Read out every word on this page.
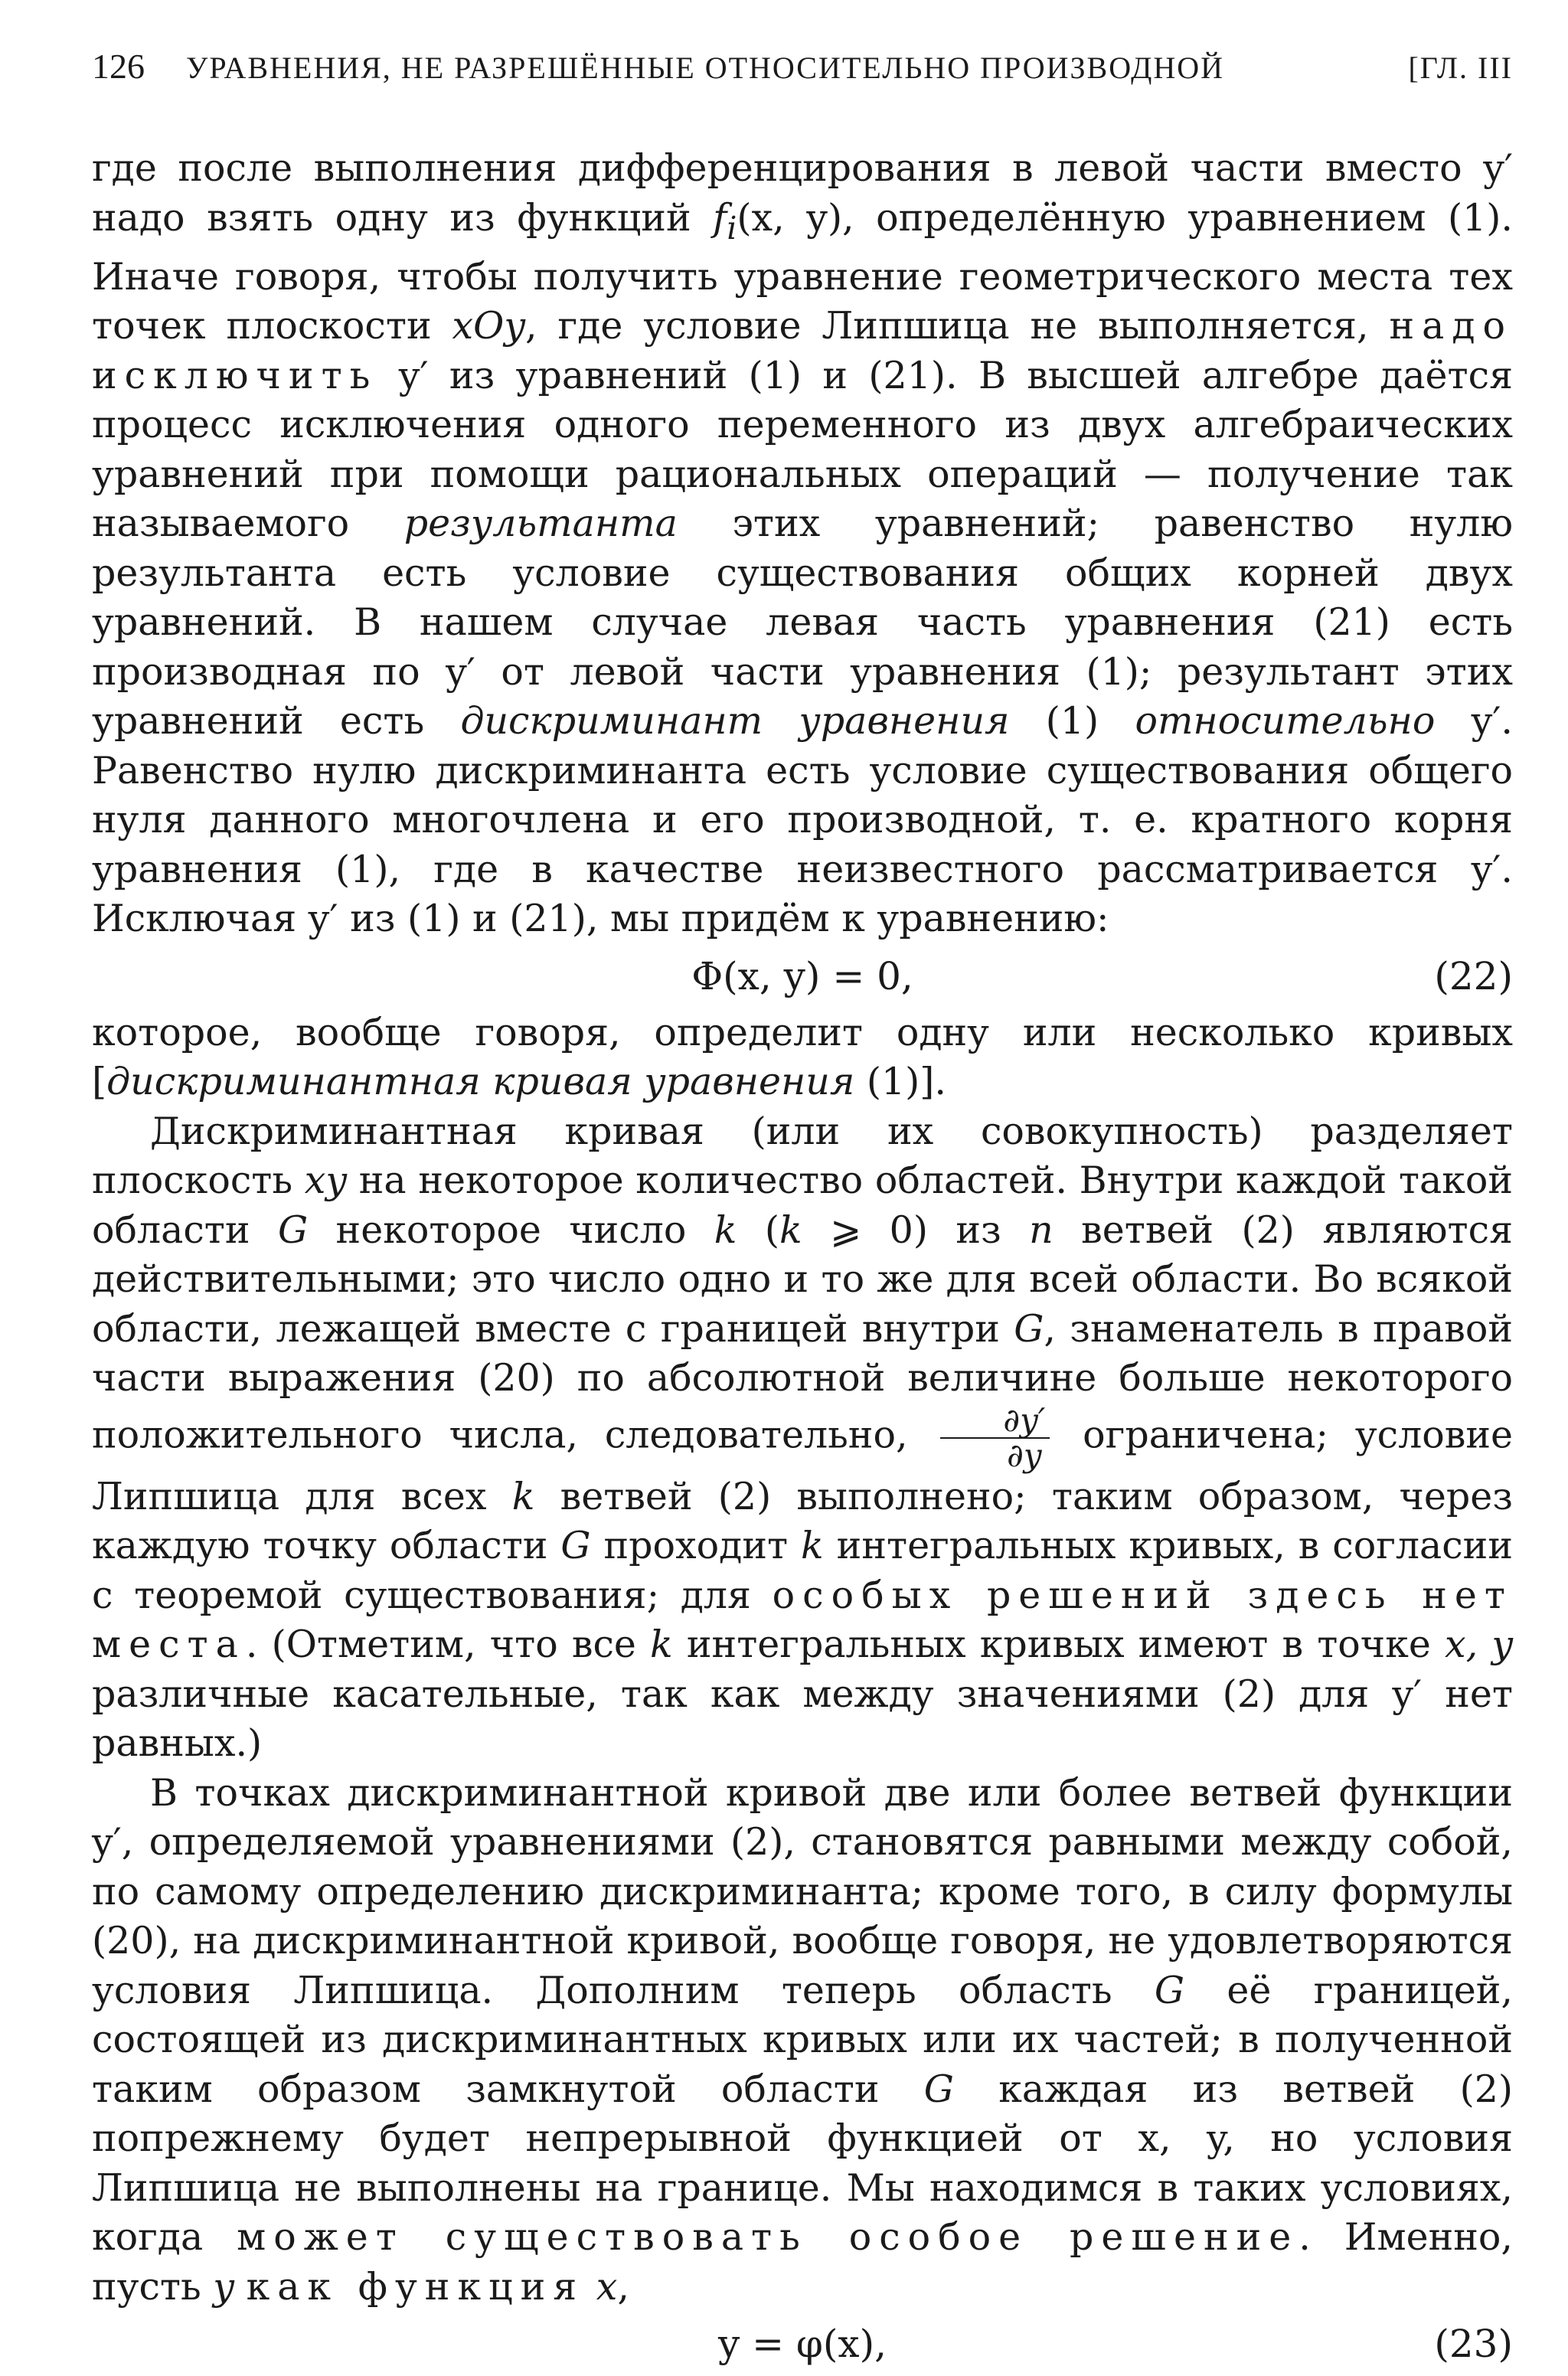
126 УРАВНЕНИЯ, НЕ РАЗРЕШЁННЫЕ ОТНОСИТЕЛЬНО ПРОИЗВОДНОЙ	[ГЛ. III

где после выполнения дифференцирования в левой части вместо y′ надо взять одну из функций $f_i(x$, y), определённую уравнением (1). Иначе говоря, чтобы получить уравнение геометрического места тех точек плоскости xOy, где условие Липшица не выполняется, надо исключить y′ из уравнений (1) и (21). В высшей алгебре даётся процесс исключения одного переменного из двух алгебраических уравнений при помощи рациональных операций — получение так называемого результанта этих уравнений; равенство нулю результанта есть условие существования общих корней двух уравнений. В нашем случае левая часть уравнения (21) есть производная по y′ от левой части уравнения (1); результант этих уравнений есть дискриминант уравнения (1) относительно y′. Равенство нулю дискриминанта есть условие существования общего нуля данного многочлена и его производной, т. е. кратного корня уравнения (1), где в качестве неизвестного рассматривается y′. Исключая y′ из (1) и (21), мы придём к уравнению:

Φ(x, y) = 0,	(22)

которое, вообще говоря, определит одну или несколько кривых [дискриминантная кривая уравнения (1)].

Дискриминантная кривая (или их совокупность) разделяет плоскость xy на некоторое количество областей. Внутри каждой такой области G некоторое число k (k ⩾ 0) из n ветвей (2) являются действительными; это число одно и то же для всей области. Во всякой области, лежащей вместе с границей внутри G, знаменатель в правой части выражения (20) по абсолютной величине больше некоторого положительного числа, следовательно, $\frac{\partial y'}{\partial y}$ ограничена; условие Липшица для всех k ветвей (2) выполнено; таким образом, через каждую точку области G проходит k интегральных кривых, в согласии с теоремой существования; для особых решений здесь нет места. (Отметим, что все k интегральных кривых имеют в точке x, y различные касательные, так как между значениями (2) для y′ нет равных.)

В точках дискриминантной кривой две или более ветвей функции y′, определяемой уравнениями (2), становятся равными между собой, по самому определению дискриминанта; кроме того, в силу формулы (20), на дискриминантной кривой, вообще говоря, не удовлетворяются условия Липшица. Дополним теперь область G её границей, состоящей из дискриминантных кривых или их частей; в полученной таким образом замкнутой области G каждая из ветвей (2) попрежнему будет непрерывной функцией от x, y, но условия Липшица не выполнены на границе. Мы находимся в таких условиях, когда может существовать особое решение. Именно, пусть y как функция x,

y = φ(x),	(23)
